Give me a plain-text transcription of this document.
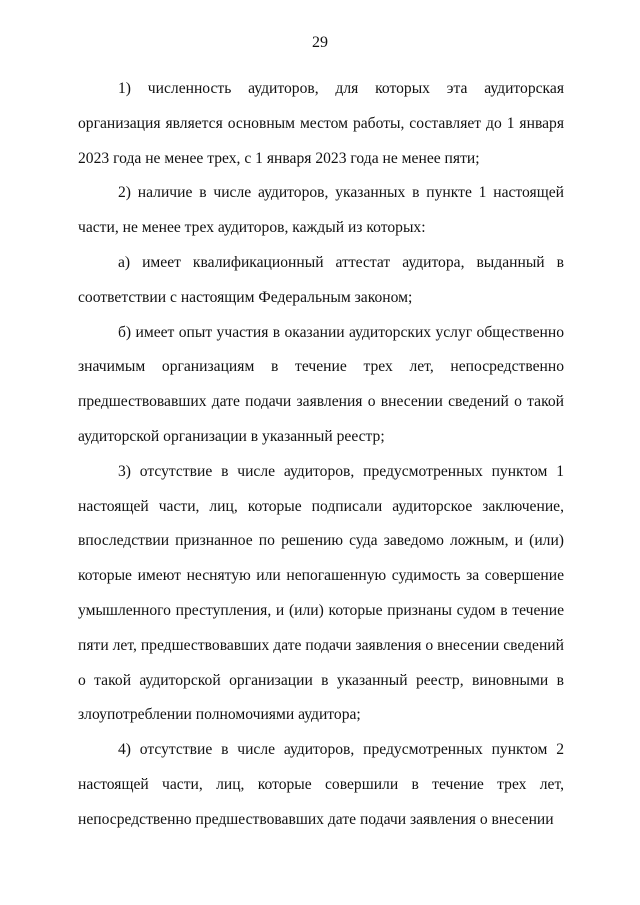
29

1) численность аудиторов, для которых эта аудиторская организация является основным местом работы, составляет до 1 января 2023 года не менее трех, с 1 января 2023 года не менее пяти;

2) наличие в числе аудиторов, указанных в пункте 1 настоящей части, не менее трех аудиторов, каждый из которых:

а) имеет квалификационный аттестат аудитора, выданный в соответствии с настоящим Федеральным законом;

б) имеет опыт участия в оказании аудиторских услуг общественно значимым организациям в течение трех лет, непосредственно предшествовавших дате подачи заявления о внесении сведений о такой аудиторской организации в указанный реестр;

3) отсутствие в числе аудиторов, предусмотренных пунктом 1 настоящей части, лиц, которые подписали аудиторское заключение, впоследствии признанное по решению суда заведомо ложным, и (или) которые имеют неснятую или непогашенную судимость за совершение умышленного преступления, и (или) которые признаны судом в течение пяти лет, предшествовавших дате подачи заявления о внесении сведений о такой аудиторской организации в указанный реестр, виновными в злоупотреблении полномочиями аудитора;

4) отсутствие в числе аудиторов, предусмотренных пунктом 2 настоящей части, лиц, которые совершили в течение трех лет, непосредственно предшествовавших дате подачи заявления о внесении
